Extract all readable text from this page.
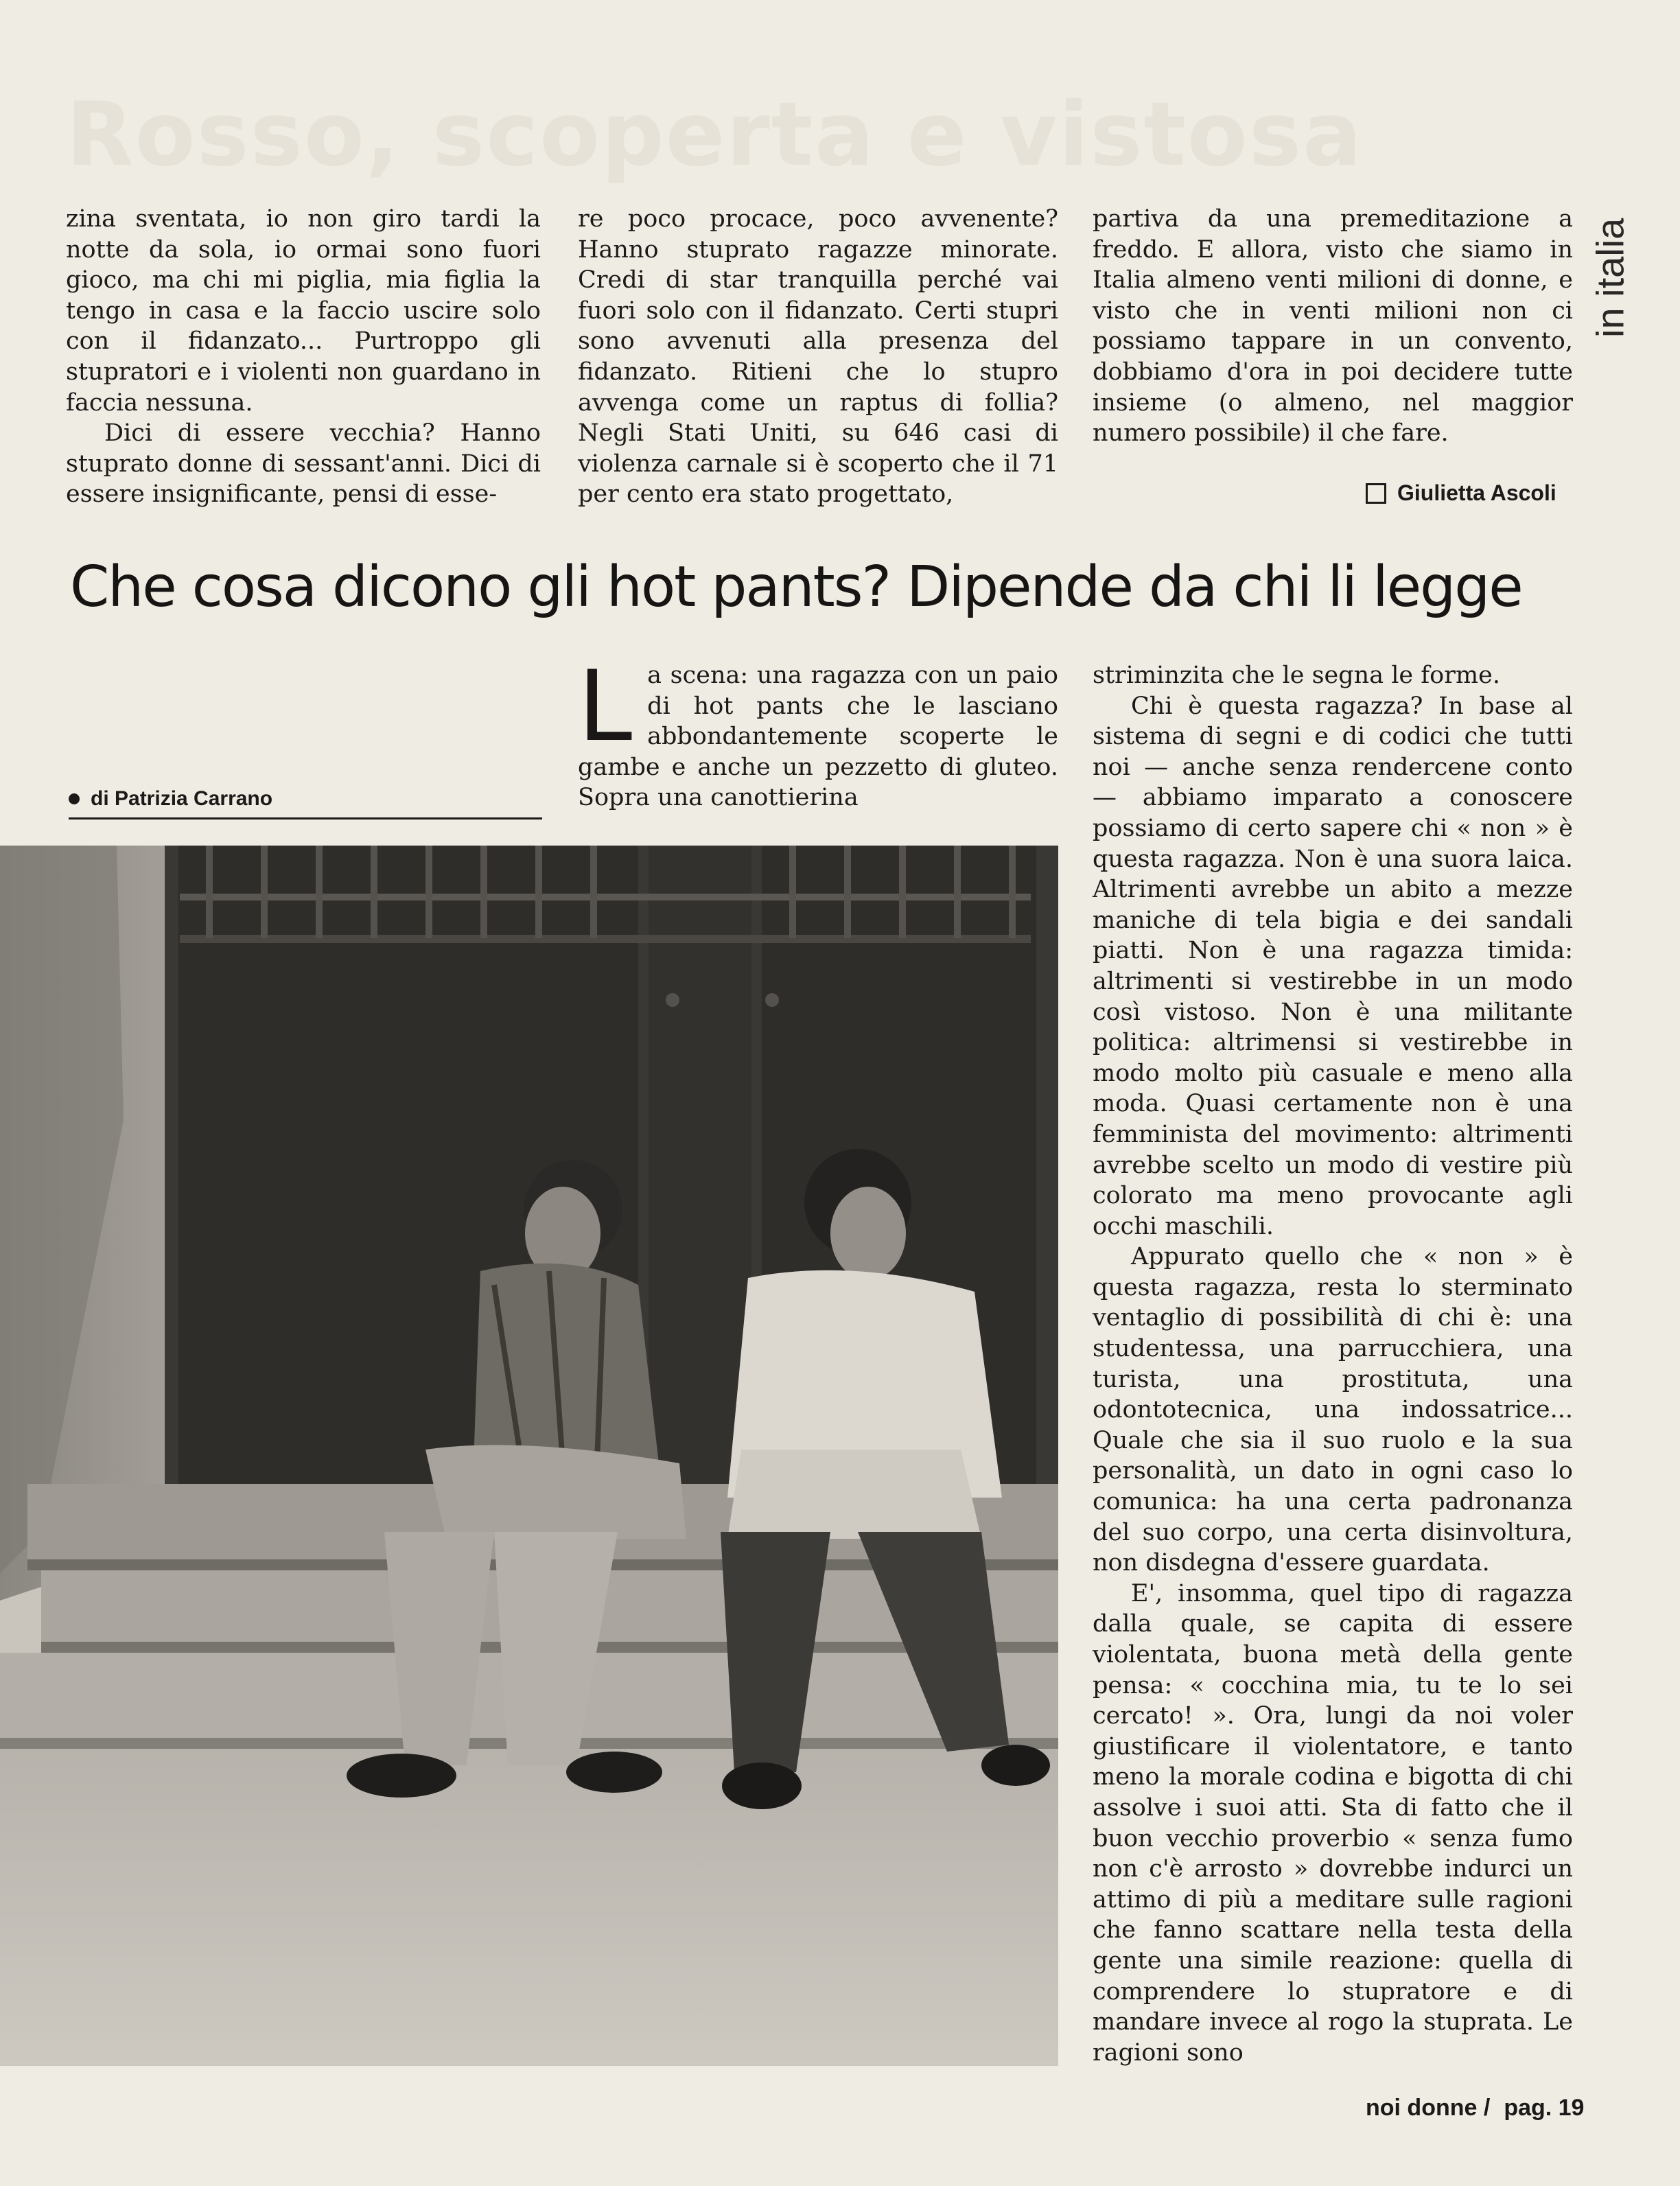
Rosso, scoperta e vistosa
in italia

zina sventata, io non giro tardi la notte da sola, io ormai sono fuori gioco, ma chi mi piglia, mia figlia la tengo in casa e la faccio uscire solo con il fidanzato... Purtroppo gli stupratori e i violenti non guardano in faccia nessuna.

Dici di essere vecchia? Hanno stuprato donne di sessant'anni. Dici di essere insignificante, pensi di esse-

re poco procace, poco avvenente? Hanno stuprato ragazze minorate. Credi di star tranquilla perché vai fuori solo con il fidanzato. Certi stupri sono avvenuti alla presenza del fidanzato. Ritieni che lo stupro avvenga come un raptus di follia? Negli Stati Uniti, su 646 casi di violenza carnale si è scoperto che il 71 per cento era stato progettato,

partiva da una premeditazione a freddo. E allora, visto che siamo in Italia almeno venti milioni di donne, e visto che in venti milioni non ci possiamo tappare in un convento, dobbiamo d'ora in poi decidere tutte insieme (o almeno, nel maggior numero possibile) il che fare.

Giulietta Ascoli
Che cosa dicono gli hot pants? Dipende da chi li legge
di Patrizia Carrano

La scena: una ragazza con un paio di hot pants che le lasciano abbondantemente scoperte le gambe e anche un pezzetto di gluteo. Sopra una canottierina

striminzita che le segna le forme.

Chi è questa ragazza? In base al sistema di segni e di codici che tutti noi — anche senza rendercene conto — abbiamo imparato a conoscere possiamo di certo sapere chi « non » è questa ragazza. Non è una suora laica. Altrimenti avrebbe un abito a mezze maniche di tela bigia e dei sandali piatti. Non è una ragazza timida: altrimenti si vestirebbe in un modo così vistoso. Non è una militante politica: altrimensi si vestirebbe in modo molto più casuale e meno alla moda. Quasi certamente non è una femminista del movimento: altrimenti avrebbe scelto un modo di vestire più colorato ma meno provocante agli occhi maschili.

Appurato quello che « non » è questa ragazza, resta lo sterminato ventaglio di possibilità di chi è: una studentessa, una parrucchiera, una turista, una prostituta, una odontotecnica, una indossatrice... Quale che sia il suo ruolo e la sua personalità, un dato in ogni caso lo comunica: ha una certa padronanza del suo corpo, una certa disinvoltura, non disdegna d'essere guardata.

E', insomma, quel tipo di ragazza dalla quale, se capita di essere violentata, buona metà della gente pensa: « cocchina mia, tu te lo sei cercato! ». Ora, lungi da noi voler giustificare il violentatore, e tanto meno la morale codina e bigotta di chi assolve i suoi atti. Sta di fatto che il buon vecchio proverbio « senza fumo non c'è arrosto » dovrebbe indurci un attimo di più a meditare sulle ragioni che fanno scattare nella testa della gente una simile reazione: quella di comprendere lo stupratore e di mandare invece al rogo la stuprata. Le ragioni sono

noi donne / pag. 19
